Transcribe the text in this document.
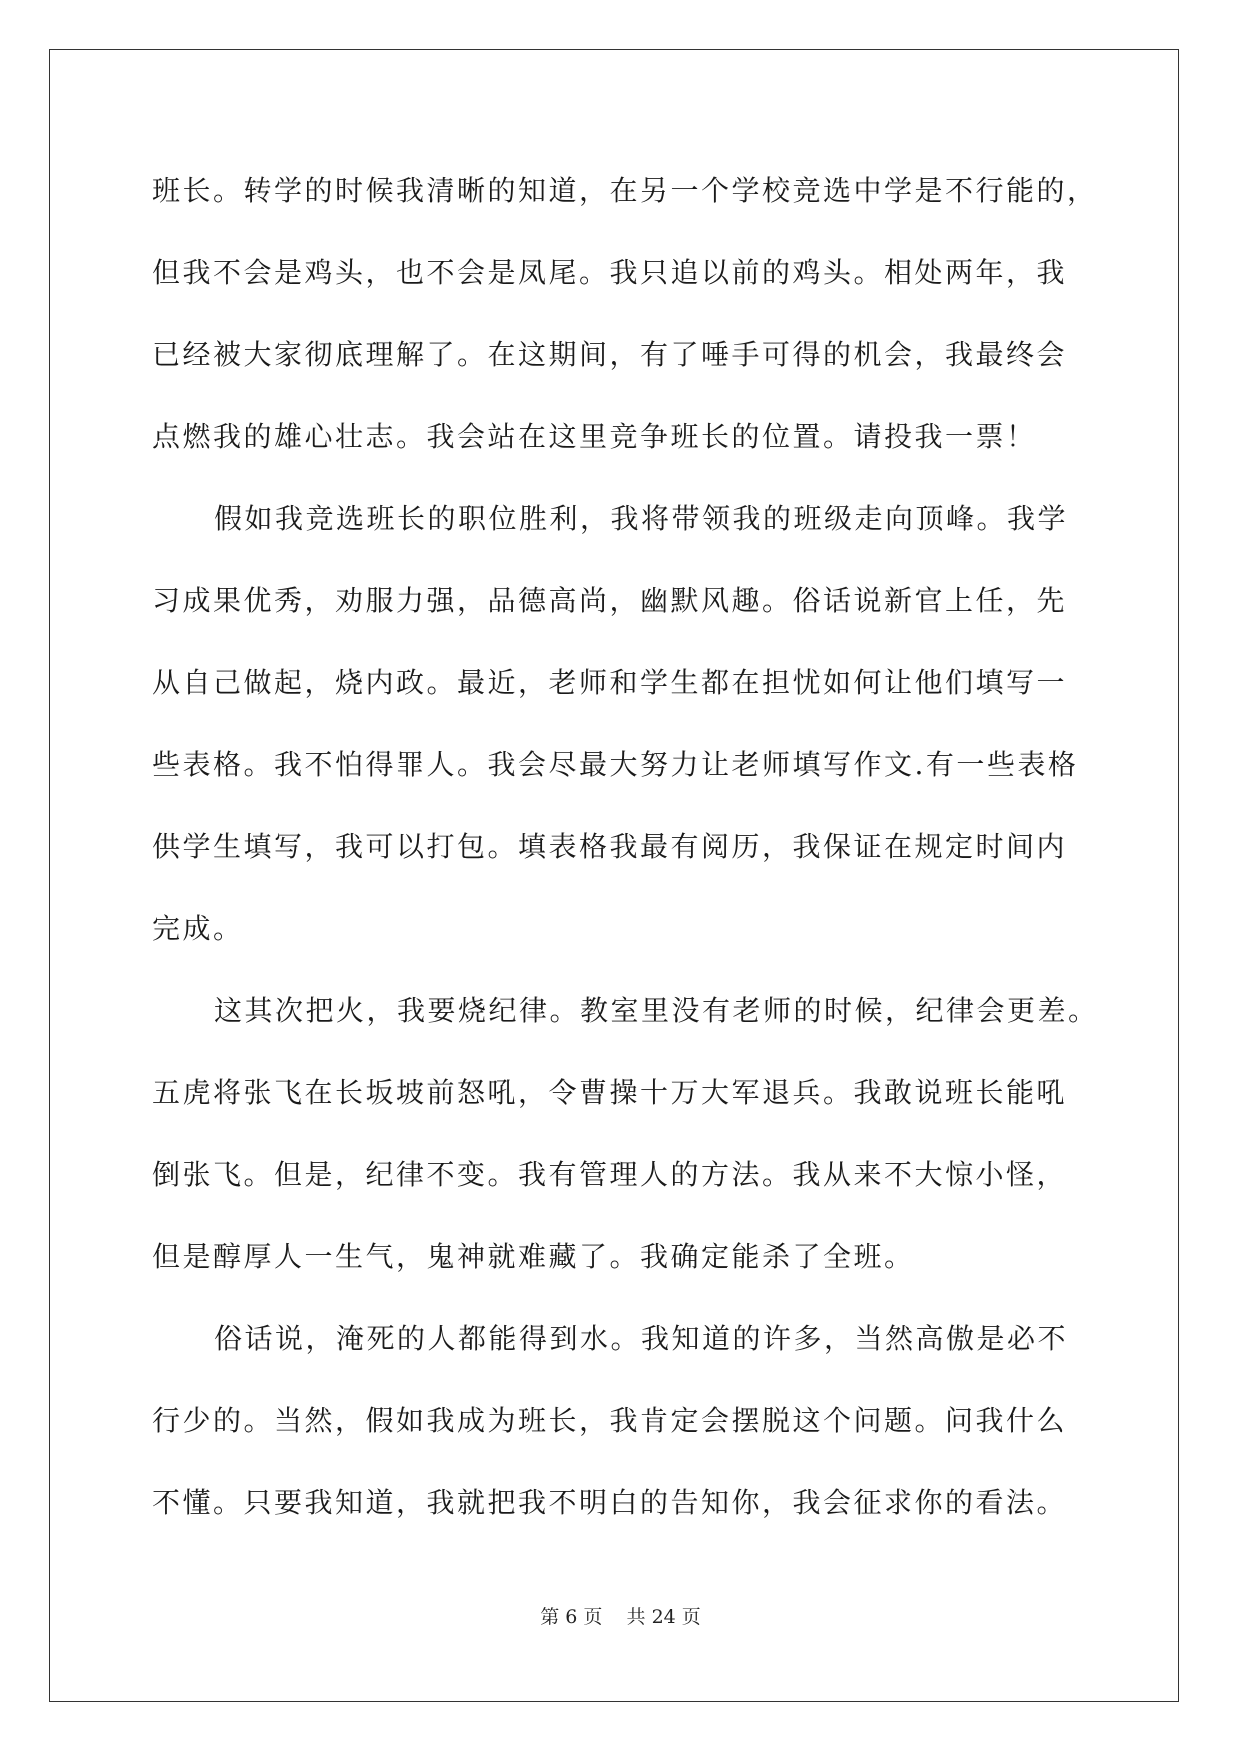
班长。转学的时候我清晰的知道，在另一个学校竞选中学是不行能的，
但我不会是鸡头，也不会是凤尾。我只追以前的鸡头。相处两年，我
已经被大家彻底理解了。在这期间，有了唾手可得的机会，我最终会
点燃我的雄心壮志。我会站在这里竞争班长的位置。请投我一票！
假如我竞选班长的职位胜利，我将带领我的班级走向顶峰。我学
习成果优秀，劝服力强，品德高尚，幽默风趣。俗话说新官上任，先
从自己做起，烧内政。最近，老师和学生都在担忧如何让他们填写一
些表格。我不怕得罪人。我会尽最大努力让老师填写作文.有一些表格
供学生填写，我可以打包。填表格我最有阅历，我保证在规定时间内
完成。
这其次把火，我要烧纪律。教室里没有老师的时候，纪律会更差。
五虎将张飞在长坂坡前怒吼，令曹操十万大军退兵。我敢说班长能吼
倒张飞。但是，纪律不变。我有管理人的方法。我从来不大惊小怪，
但是醇厚人一生气，鬼神就难藏了。我确定能杀了全班。
俗话说，淹死的人都能得到水。我知道的许多，当然高傲是必不
行少的。当然，假如我成为班长，我肯定会摆脱这个问题。问我什么
不懂。只要我知道，我就把我不明白的告知你，我会征求你的看法。
第 6 页    共 24 页
